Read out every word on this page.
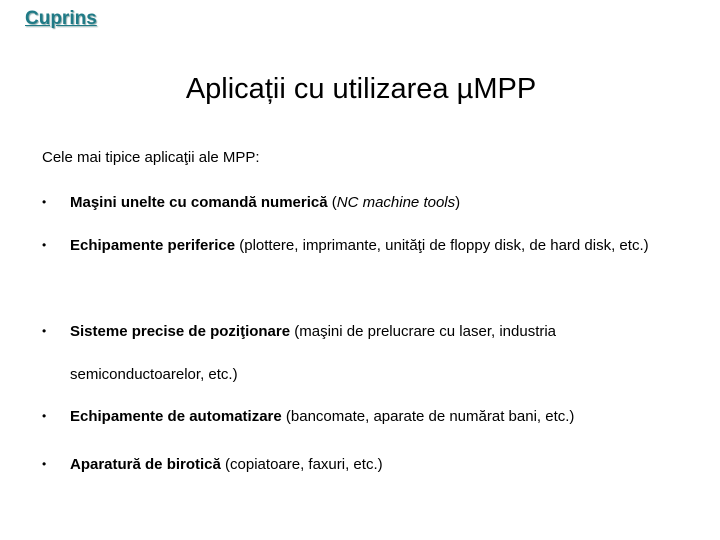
Cuprins
Aplicații cu utilizarea µMPP
Cele mai tipice aplicaţii ale MPP:
• Maşini unelte cu comandă numerică (NC machine tools)
• Echipamente periferice (plottere, imprimante, unităţi de floppy disk, de hard disk, etc.)
• Sisteme precise de poziţionare (maşini de prelucrare cu laser, industria semiconductoarelor, etc.)
• Echipamente de automatizare (bancomate, aparate de numărat bani, etc.)
• Aparatură de birotică (copiatoare, faxuri, etc.)
